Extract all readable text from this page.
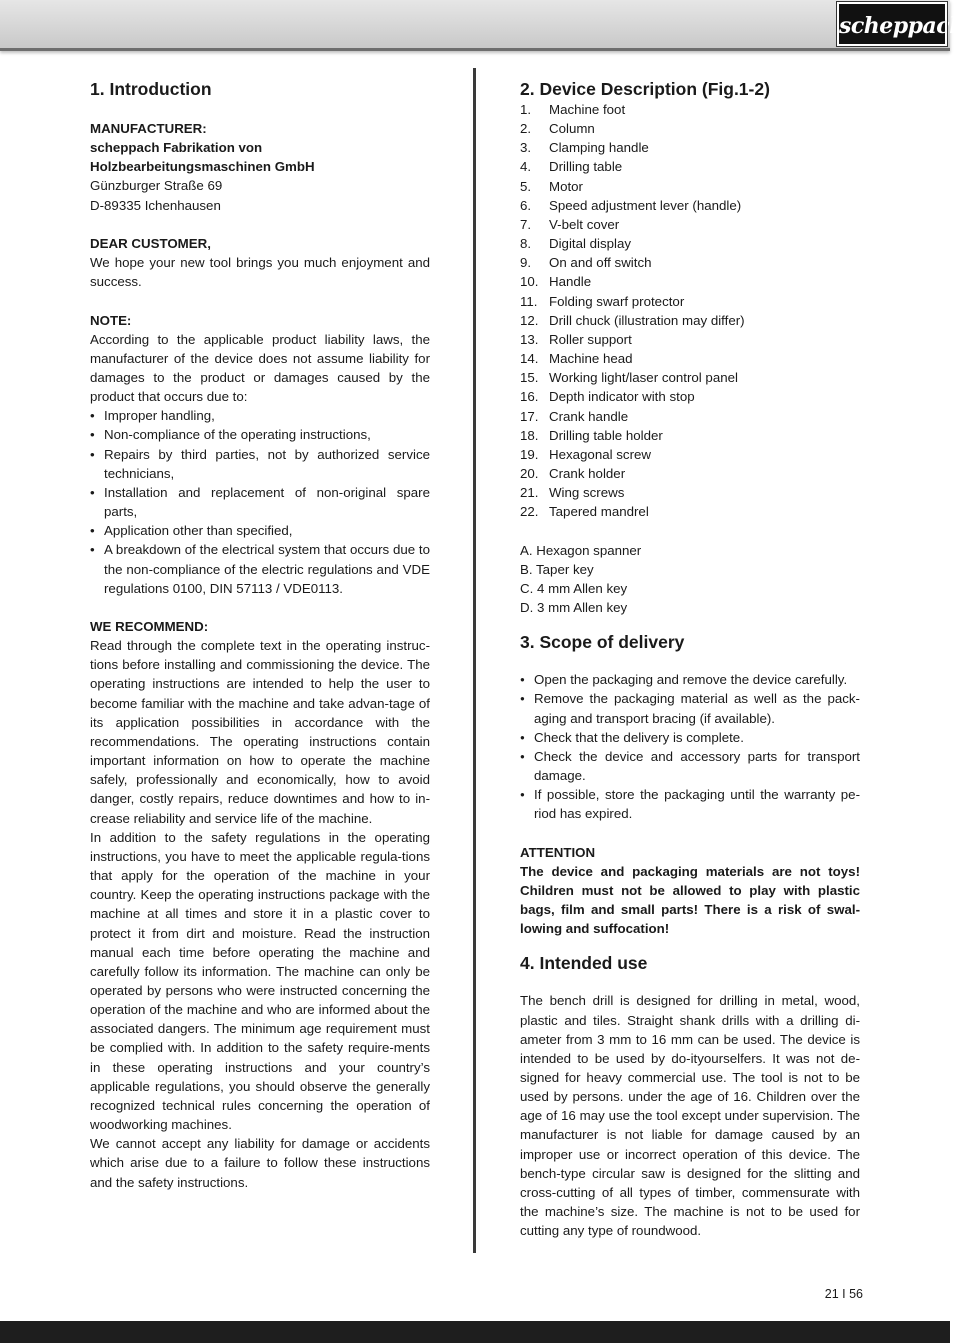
scheppach

1. Introduction

MANUFACTURER:

scheppach Fabrikation von

Holzbearbeitungsmaschinen GmbH

Günzburger Straße 69

D-89335 Ichenhausen

DEAR CUSTOMER,

We hope your new tool brings you much enjoyment and success.

NOTE:

According to the applicable product liability laws, the manufacturer of the device does not assume liability for damages to the product or damages caused by the product that occurs due to:

• Improper handling,

• Non-compliance of the operating instructions,

• Repairs by third parties, not by authorized service technicians,

• Installation and replacement of non-original spare parts,

• Application other than specified,

• A breakdown of the electrical system that occurs due to the non-compliance of the electric regulations and VDE regulations 0100, DIN 57113 / VDE0113.

WE RECOMMEND:

Read through the complete text in the operating instruc-tions before installing and commissioning the device. The operating instructions are intended to help the user to become familiar with the machine and take advan-tage of its application possibilities in accordance with the recommendations. The operating instructions contain important information on how to operate the machine safely, professionally and economically, how to avoid danger, costly repairs, reduce downtimes and how to in-crease reliability and service life of the machine.

In addition to the safety regulations in the operating instructions, you have to meet the applicable regula-tions that apply for the operation of the machine in your country. Keep the operating instructions package with the machine at all times and store it in a plastic cover to protect it from dirt and moisture. Read the instruction manual each time before operating the machine and carefully follow its information. The machine can only be operated by persons who were instructed concerning the operation of the machine and who are informed about the associated dangers. The minimum age requirement must be complied with. In addition to the safety require-ments in these operating instructions and your country’s applicable regulations, you should observe the generally recognized technical rules concerning the operation of woodworking machines.

We cannot accept any liability for damage or accidents which arise due to a failure to follow these instructions and the safety instructions.

2. Device Description (Fig.1-2)

1.	Machine foot

2.	Column

3.	Clamping handle

4.	Drilling table

5.	Motor

6.	Speed adjustment lever (handle)

7.	V-belt cover

8.	Digital display

9.	On and off switch

10. Handle

11. Folding swarf protector

12. Drill chuck (illustration may differ)

13. Roller support

14. Machine head

15. Working light/laser control panel

16. Depth indicator with stop

17. Crank handle

18. Drilling table holder

19. Hexagonal screw

20. Crank holder

21. Wing screws

22. Tapered mandrel

A. Hexagon spanner

B. Taper key

C. 4 mm Allen key

D. 3 mm Allen key

3. Scope of delivery

● Open the packaging and remove the device carefully.

● Remove the packaging material as well as the pack-aging and transport bracing (if available).

● Check that the delivery is complete.

● Check the device and accessory parts for transport damage.

● If possible, store the packaging until the warranty pe-riod has expired.

ATTENTION

The device and packaging materials are not toys! Children must not be allowed to play with plastic bags, film and small parts! There is a risk of swal-lowing and suffocation!

4. Intended use

The bench drill is designed for drilling in metal, wood, plastic and tiles. Straight shank drills with a drilling di-ameter from 3 mm to 16 mm can be used. The device is intended to be used by do-ityourselfers. It was not de-signed for heavy commercial use. The tool is not to be used by persons. under the age of 16. Children over the age of 16 may use the tool except under supervision. The manufacturer is not liable for damage caused by an improper use or incorrect operation of this device. The bench-type circular saw is designed for the slitting and cross-cutting of all types of timber, commensurate with the machine’s size. The machine is not to be used for cutting any type of roundwood.

21 I 56
